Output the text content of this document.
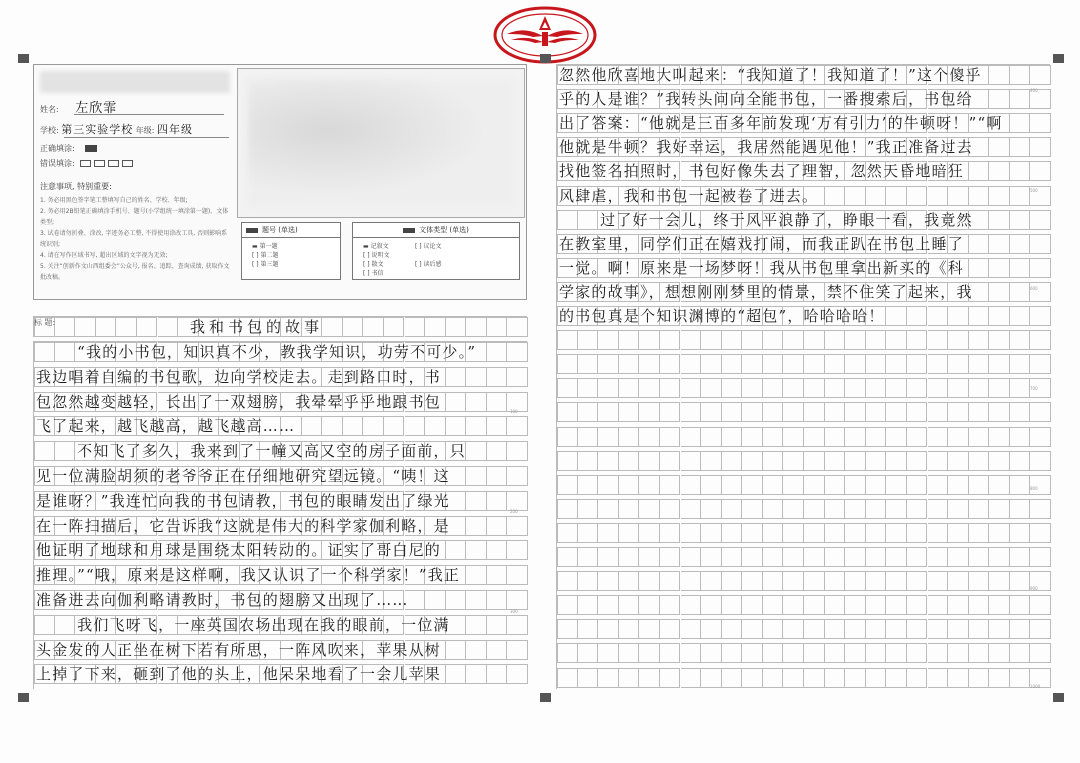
姓名: 左欣霏
学校: 第三实验学校 年级: 四年级
正确填涂:
错误填涂:
注意事项, 特别重要:
1. 务必用黑色签字笔工整填写自己的姓名、学校、年级;
2. 务必用2B铅笔正确填涂手机号、题号(小学组统一填涂第一题)、文体类型;
3. 试卷请勿折叠、涂改, 字迹务必工整, 不得使用涂改工具, 否则影响系统识别;
4. 请在写作区域书写, 超出区域的文字视为无效;
5. 关注“创新作文山西组委会”公众号, 报名、追踪、查询成绩, 获取作文批改稿。
题号 (单选)
▬ 第一题
[ ] 第二题
[ ] 第三题
文体类型 (单选)
▬ 记叙文	[ ] 议论文[ ] 说明文
[ ] 散文	[ ] 读后感[ ] 书信
标 题:	我和书包的故事
“我的小书包，知识真不少，教我学知识，功劳不可少。”
我边唱着自编的书包歌，边向学校走去。走到路口时，书
包忽然越变越轻，长出了一双翅膀，我晕晕乎乎地跟书包
飞了起来，越飞越高，越飞越高……
不知飞了多久，我来到了一幢又高又空的房子面前，只
见一位满脸胡须的老爷爷正在仔细地研究望远镜。“咦！这
是谁呀？”我连忙向我的书包请教，书包的眼睛发出了绿光
在一阵扫描后，它告诉我“这就是伟大的科学家伽利略，是
他证明了地球和月球是围绕太阳转动的。证实了哥白尼的
推理。”“哦，原来是这样啊，我又认识了一个科学家！”我正
准备进去向伽利略请教时，书包的翅膀又出现了……
我们飞呀飞，一座英国农场出现在我的眼前，一位满
头金发的人正坐在树下若有所思，一阵风吹来，苹果从树
上掉了下来，砸到了他的头上，他呆呆地看了一会儿苹果
忽然他欣喜地大叫起来：“我知道了！我知道了！”这个傻乎
乎的人是谁？”我转头问向全能书包，一番搜索后，书包给
出了答案：“他就是三百多年前发现‘万有引力’的牛顿呀！”“啊
他就是牛顿？我好幸运，我居然能遇见他！”我正准备过去
找他签名拍照时，书包好像失去了理智，忽然天昏地暗狂
风肆虐，我和书包一起被卷了进去。
过了好一会儿，终于风平浪静了，睁眼一看，我竟然
在教室里，同学们正在嬉戏打闹，而我正趴在书包上睡了
一觉。啊！原来是一场梦呀！我从书包里拿出新买的《科
学家的故事》，想想刚刚梦里的情景，禁不住笑了起来，我
的书包真是个知识渊博的“超包”，哈哈哈哈！
100
200
300
400
500
600
700
800
900
1000
